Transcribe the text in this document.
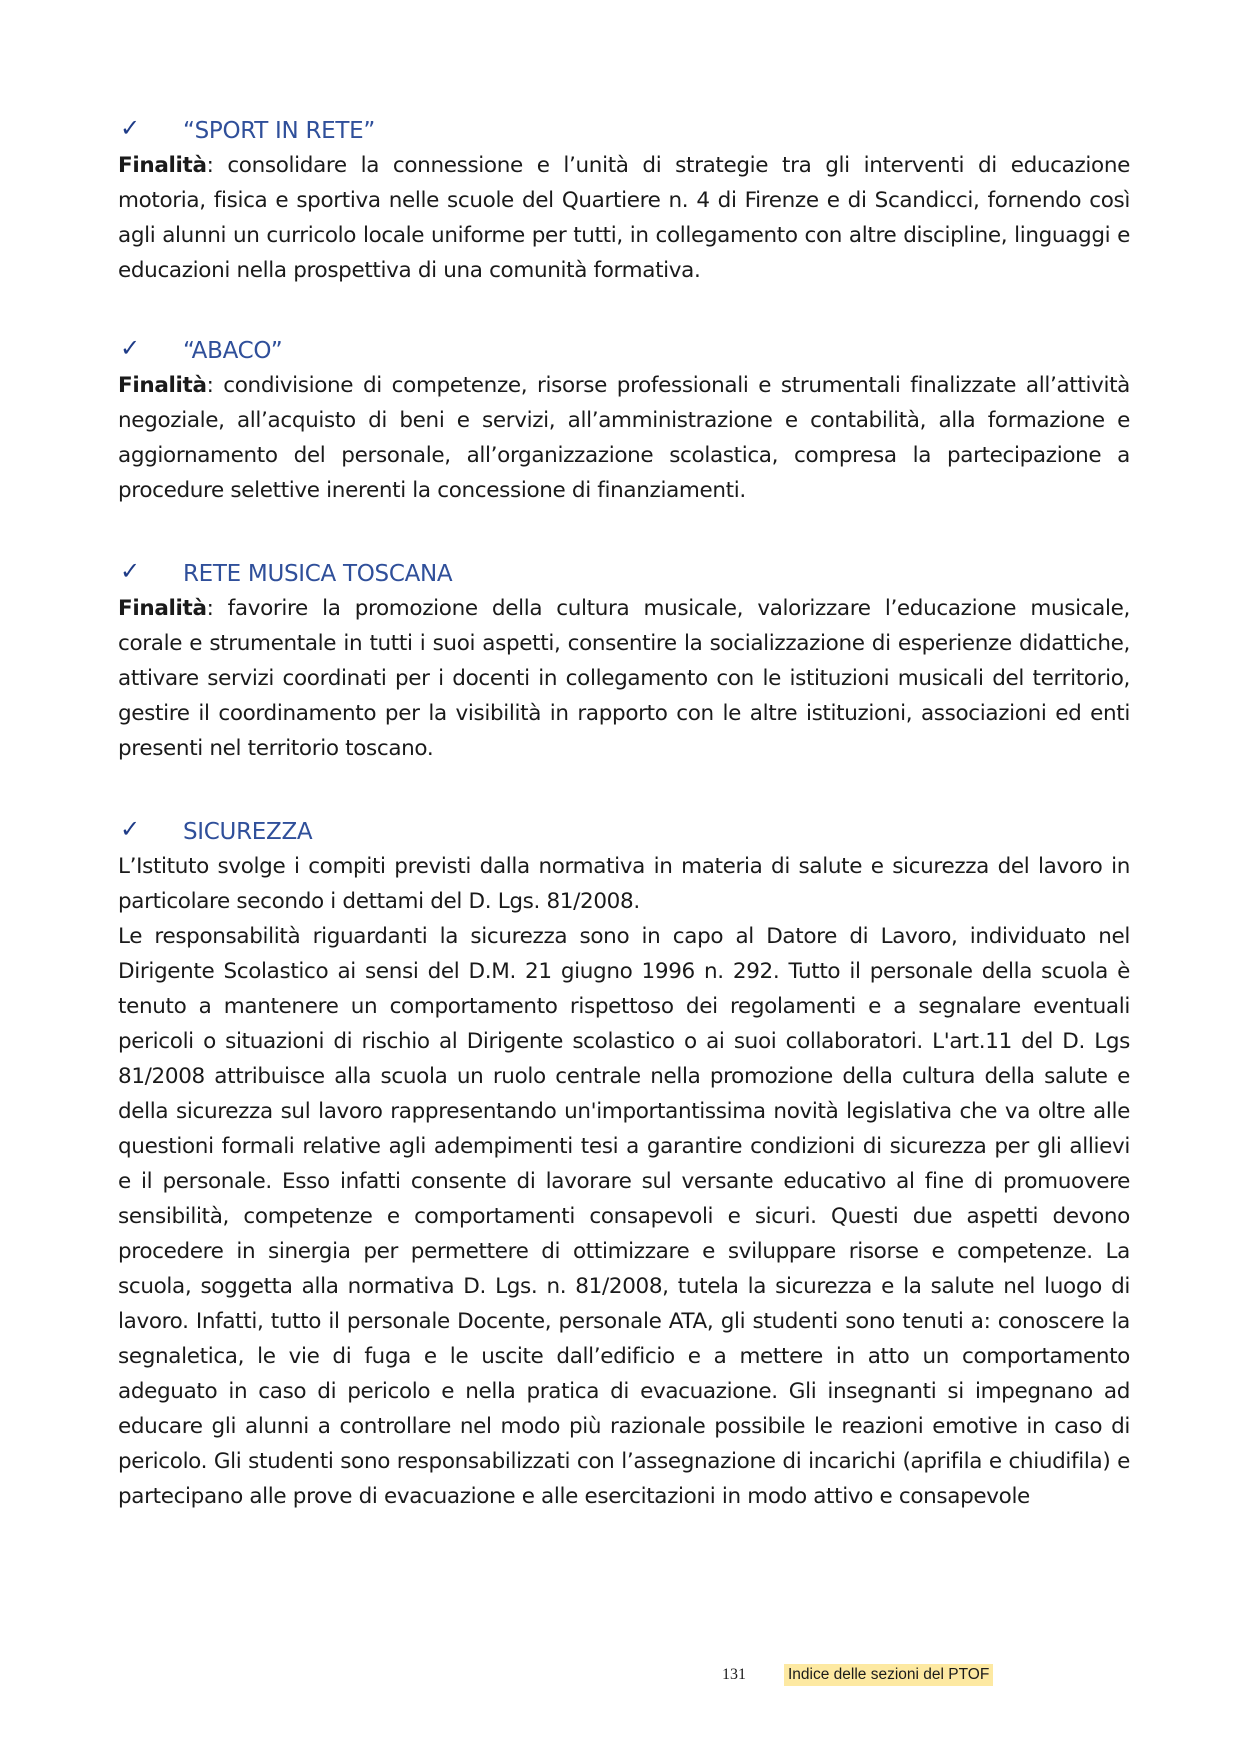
✓ “SPORT IN RETE”

Finalità: consolidare la connessione e l’unità di strategie tra gli interventi di educazione motoria, fisica e sportiva nelle scuole del Quartiere n. 4 di Firenze e di Scandicci, fornendo così agli alunni un curricolo locale uniforme per tutti, in collegamento con altre discipline, linguaggi e educazioni nella prospettiva di una comunità formativa.

✓ “ABACO”

Finalità: condivisione di competenze, risorse professionali e strumentali finalizzate all’attività negoziale, all’acquisto di beni e servizi, all’amministrazione e contabilità, alla formazione e aggiornamento del personale, all’organizzazione scolastica, compresa la partecipazione a procedure selettive inerenti la concessione di finanziamenti.

✓ RETE MUSICA TOSCANA

Finalità: favorire la promozione della cultura musicale, valorizzare l’educazione musicale, corale e strumentale in tutti i suoi aspetti, consentire la socializzazione di esperienze didattiche, attivare servizi coordinati per i docenti in collegamento con le istituzioni musicali del territorio, gestire il coordinamento per la visibilità in rapporto con le altre istituzioni, associazioni ed enti presenti nel territorio toscano.

✓ SICUREZZA

L’Istituto svolge i compiti previsti dalla normativa in materia di salute e sicurezza del lavoro in particolare secondo i dettami del D. Lgs. 81/2008.

Le responsabilità riguardanti la sicurezza sono in capo al Datore di Lavoro, individuato nel Dirigente Scolastico ai sensi del D.M. 21 giugno 1996 n. 292. Tutto il personale della scuola è tenuto a mantenere un comportamento rispettoso dei regolamenti e a segnalare eventuali pericoli o situazioni di rischio al Dirigente scolastico o ai suoi collaboratori. L'art.11 del D. Lgs 81/2008 attribuisce alla scuola un ruolo centrale nella promozione della cultura della salute e della sicurezza sul lavoro rappresentando un'importantissima novità legislativa che va oltre alle questioni formali relative agli adempimenti tesi a garantire condizioni di sicurezza per gli allievi e il personale. Esso infatti consente di lavorare sul versante educativo al fine di promuovere sensibilità, competenze e comportamenti consapevoli e sicuri. Questi due aspetti devono procedere in sinergia per permettere di ottimizzare e sviluppare risorse e competenze. La scuola, soggetta alla normativa D. Lgs. n. 81/2008, tutela la sicurezza e la salute nel luogo di lavoro. Infatti, tutto il personale Docente, personale ATA, gli studenti sono tenuti a: conoscere la segnaletica, le vie di fuga e le uscite dall’edificio e a mettere in atto un comportamento adeguato in caso di pericolo e nella pratica di evacuazione. Gli insegnanti si impegnano ad educare gli alunni a controllare nel modo più razionale possibile le reazioni emotive in caso di pericolo. Gli studenti sono responsabilizzati con l’assegnazione di incarichi (aprifila e chiudifila) e partecipano alle prove di evacuazione e alle esercitazioni in modo attivo e consapevole

131	Indice delle sezioni del PTOF
